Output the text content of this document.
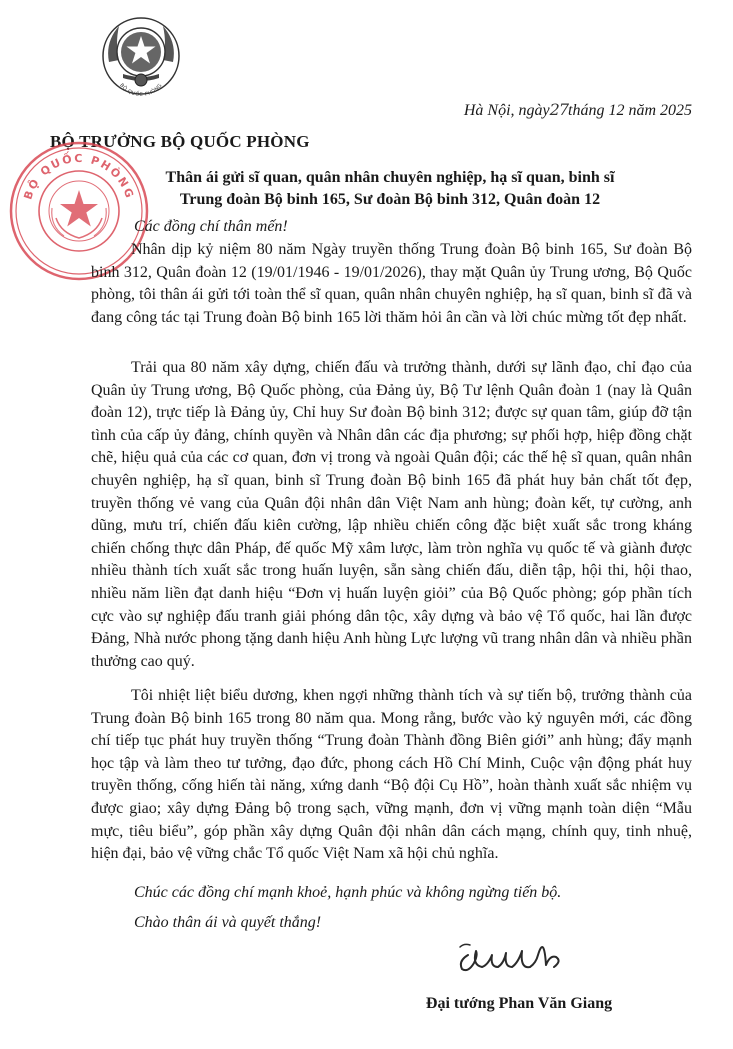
BỘ QUỐC PHÒNG
Hà Nội, ngày27tháng 12 năm 2025
BỘ TRƯỞNG BỘ QUỐC PHÒNG
BỘ QUỐC PHÒNG
Thân ái gửi sĩ quan, quân nhân chuyên nghiệp, hạ sĩ quan, binh sĩ
Trung đoàn Bộ binh 165, Sư đoàn Bộ binh 312, Quân đoàn 12
Các đồng chí thân mến!

Nhân dịp kỷ niệm 80 năm Ngày truyền thống Trung đoàn Bộ binh 165, Sư đoàn Bộ binh 312, Quân đoàn 12 (19/01/1946 - 19/01/2026), thay mặt Quân ủy Trung ương, Bộ Quốc phòng, tôi thân ái gửi tới toàn thể sĩ quan, quân nhân chuyên nghiệp, hạ sĩ quan, binh sĩ đã và đang công tác tại Trung đoàn Bộ binh 165 lời thăm hỏi ân cần và lời chúc mừng tốt đẹp nhất.

Trải qua 80 năm xây dựng, chiến đấu và trưởng thành, dưới sự lãnh đạo, chỉ đạo của Quân ủy Trung ương, Bộ Quốc phòng, của Đảng ủy, Bộ Tư lệnh Quân đoàn 1 (nay là Quân đoàn 12), trực tiếp là Đảng ủy, Chỉ huy Sư đoàn Bộ binh 312; được sự quan tâm, giúp đỡ tận tình của cấp ủy đảng, chính quyền và Nhân dân các địa phương; sự phối hợp, hiệp đồng chặt chẽ, hiệu quả của các cơ quan, đơn vị trong và ngoài Quân đội; các thế hệ sĩ quan, quân nhân chuyên nghiệp, hạ sĩ quan, binh sĩ Trung đoàn Bộ binh 165 đã phát huy bản chất tốt đẹp, truyền thống vẻ vang của Quân đội nhân dân Việt Nam anh hùng; đoàn kết, tự cường, anh dũng, mưu trí, chiến đấu kiên cường, lập nhiều chiến công đặc biệt xuất sắc trong kháng chiến chống thực dân Pháp, đế quốc Mỹ xâm lược, làm tròn nghĩa vụ quốc tế và giành được nhiều thành tích xuất sắc trong huấn luyện, sẵn sàng chiến đấu, diễn tập, hội thi, hội thao, nhiều năm liền đạt danh hiệu “Đơn vị huấn luyện giỏi” của Bộ Quốc phòng; góp phần tích cực vào sự nghiệp đấu tranh giải phóng dân tộc, xây dựng và bảo vệ Tổ quốc, hai lần được Đảng, Nhà nước phong tặng danh hiệu Anh hùng Lực lượng vũ trang nhân dân và nhiều phần thưởng cao quý.

Tôi nhiệt liệt biểu dương, khen ngợi những thành tích và sự tiến bộ, trưởng thành của Trung đoàn Bộ binh 165 trong 80 năm qua. Mong rằng, bước vào kỷ nguyên mới, các đồng chí tiếp tục phát huy truyền thống “Trung đoàn Thành đồng Biên giới” anh hùng; đẩy mạnh học tập và làm theo tư tưởng, đạo đức, phong cách Hồ Chí Minh, Cuộc vận động phát huy truyền thống, cống hiến tài năng, xứng danh “Bộ đội Cụ Hồ”, hoàn thành xuất sắc nhiệm vụ được giao; xây dựng Đảng bộ trong sạch, vững mạnh, đơn vị vững mạnh toàn diện “Mẫu mực, tiêu biểu”, góp phần xây dựng Quân đội nhân dân cách mạng, chính quy, tinh nhuệ, hiện đại, bảo vệ vững chắc Tổ quốc Việt Nam xã hội chủ nghĩa.

Chúc các đồng chí mạnh khoẻ, hạnh phúc và không ngừng tiến bộ.
Chào thân ái và quyết thắng!
Đại tướng Phan Văn Giang
